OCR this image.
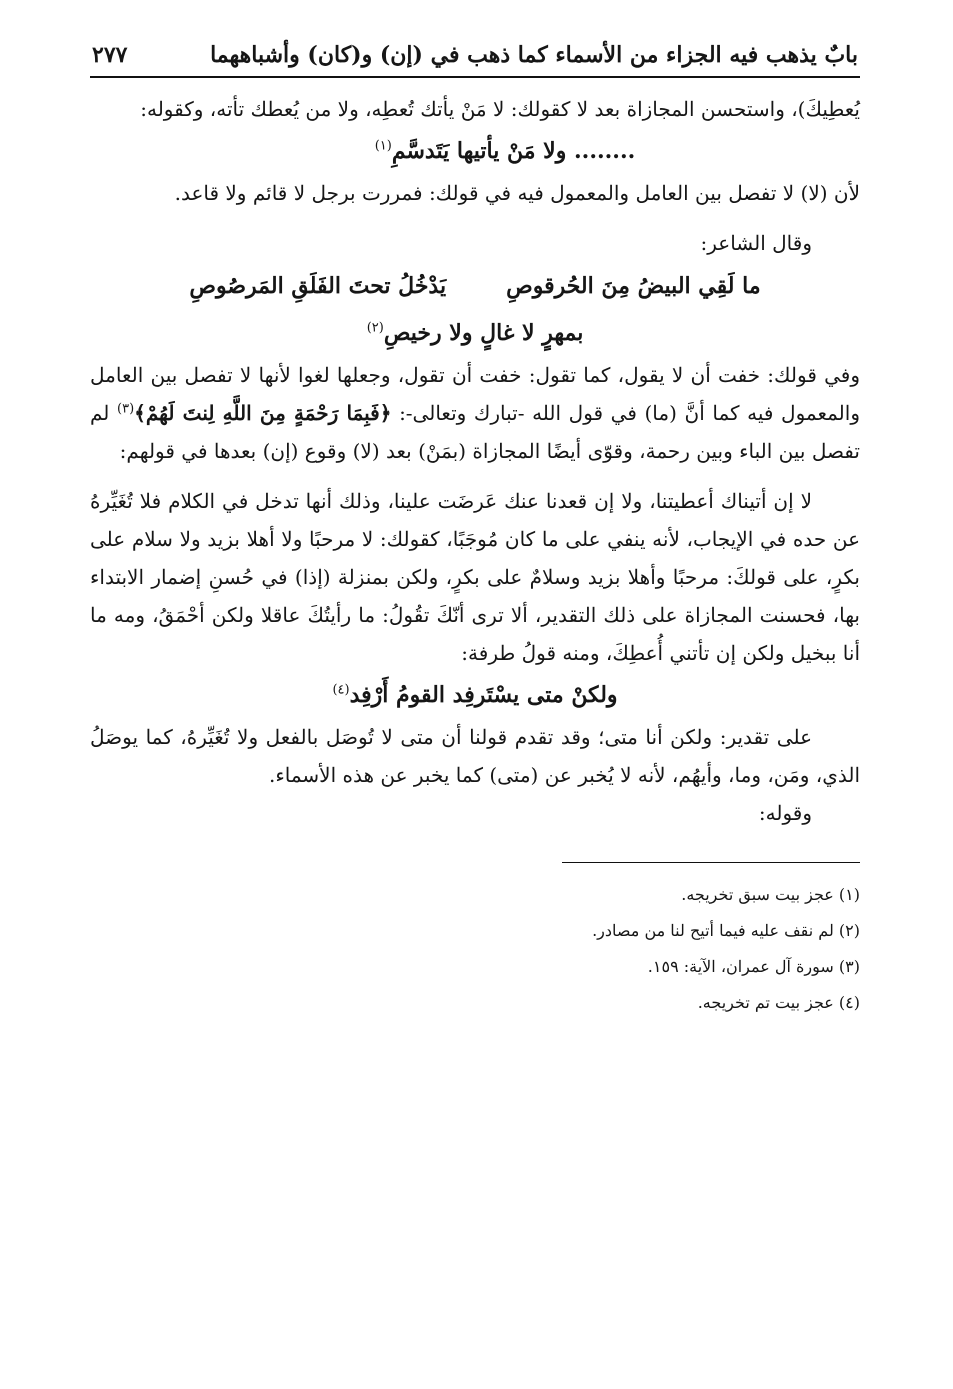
بابٌ يذهب فيه الجزاء من الأسماء كما ذهب في (إن) و(كان) وأشباههما
٢٧٧

يُعطِيكَ)، واستحسن المجازاة بعد لا كقولك: لا مَنْ يأتك تُعطِه، ولا من يُعطك تأته، وكقوله:

........ ولا مَنْ يأتيها يَتَدسَّمِ$^{(١)}$

لأن (لا) لا تفصل بين العامل والمعمول فيه في قولك: فمررت برجل لا قائم ولا قاعد.

وقال الشاعر:

ما لَقِي البيضُ مِنَ الحُرقوصِ
يَدْخُلُ تحتَ الفَلَقِ المَرصُوصِ
بمهرٍ لا غالٍ ولا رخيصِ$^{(٢)}$

وفي قولك: خفت أن لا يقول، كما تقول: خفت أن تقول، وجعلها لغوا لأنها لا تفصل بين العامل والمعمول فيه كما أنَّ (ما) في قول الله -تبارك وتعالى-: ﴿فَبِمَا رَحْمَةٍ مِنَ اللَّهِ لِنتَ لَهُمْ﴾$^{(٣)}$ لم تفصل بين الباء وبين رحمة، وقوّى أيضًا المجازاة (بمَنْ) بعد (لا) وقوع (إن) بعدها في قولهم:

لا إن أتيناك أعطيتنا، ولا إن قعدنا عنك عَرضَت علينا، وذلك أنها تدخل في الكلام فلا تُغَيِّرهُ عن حده في الإيجاب، لأنه ينفي على ما كان مُوجَبًا، كقولك: لا مرحبًا ولا أهلا بزيد ولا سلام على بكرٍ، على قولكَ: مرحبًا وأهلا بزيد وسلامٌ على بكرٍ، ولكن بمنزلة (إذا) في حُسنِ إضمار الابتداء بها، فحسنت المجازاة على ذلك التقدير، ألا ترى أنّكَ تقُولُ: ما رأيتُكَ عاقلا ولكن أحْمَقُ، ومه ما أنا ببخيل ولكن إن تأتني أُعطِكَ، ومنه قولُ طرفة:

ولكنْ متى يسْتَرفِد القومُ أَرْفِد$^{(٤)}$

على تقدير: ولكن أنا متى؛ وقد تقدم قولنا أن متى لا تُوصَل بالفعل ولا تُغَيِّرهُ، كما يوصَلُ الذي، ومَن، وما، وأيهُم، لأنه لا يُخبر عن (متى) كما يخبر عن هذه الأسماء.

وقوله:

(١) عجز بيت سبق تخريجه.

(٢) لم نقف عليه فيما أتيح لنا من مصادر.

(٣) سورة آل عمران، الآية: ١٥٩.

(٤) عجز بيت تم تخريجه.
